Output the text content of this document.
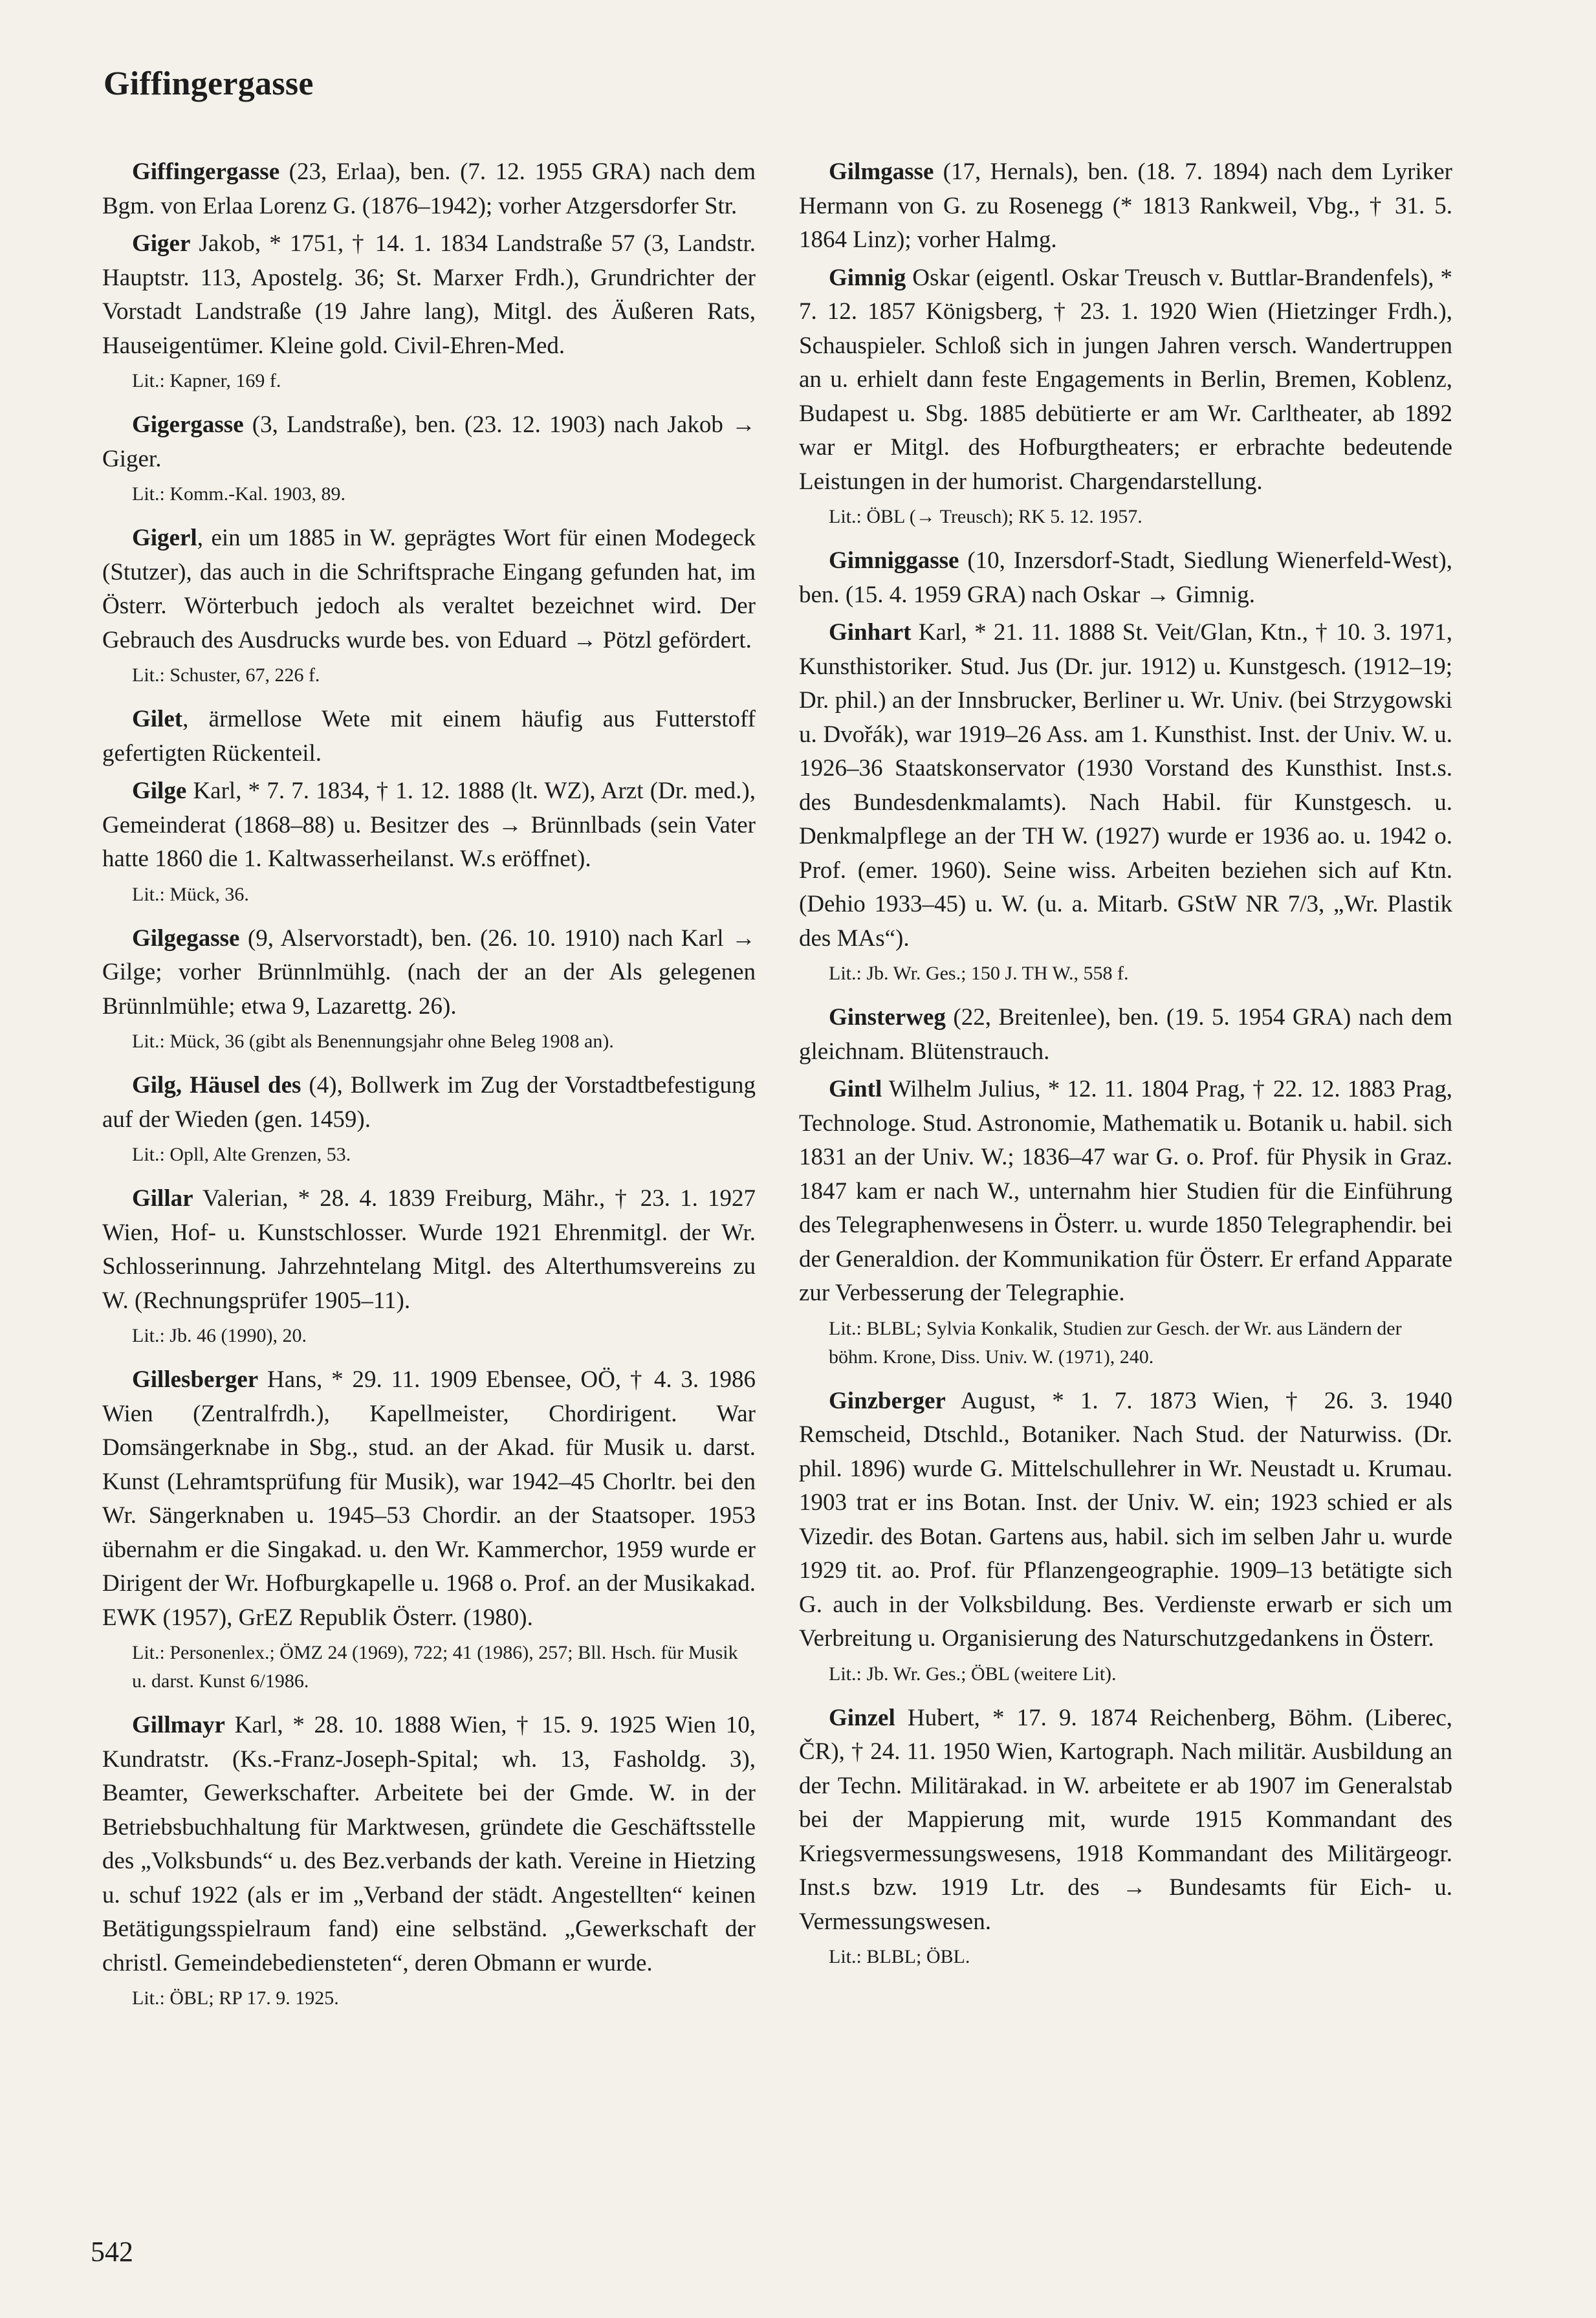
Giffingergasse

Giffingergasse (23, Erlaa), ben. (7. 12. 1955 GRA) nach dem Bgm. von Erlaa Lorenz G. (1876–1942); vorher Atzgersdorfer Str.

Giger Jakob, * 1751, † 14. 1. 1834 Landstraße 57 (3, Landstr. Hauptstr. 113, Apostelg. 36; St. Marxer Frdh.), Grundrichter der Vorstadt Landstraße (19 Jahre lang), Mitgl. des Äußeren Rats, Hauseigentümer. Kleine gold. Civil-Ehren-Med.

Lit.: Kapner, 169 f.

Gigergasse (3, Landstraße), ben. (23. 12. 1903) nach Jakob → Giger.

Lit.: Komm.-Kal. 1903, 89.

Gigerl, ein um 1885 in W. geprägtes Wort für einen Modegeck (Stutzer), das auch in die Schriftsprache Eingang gefunden hat, im Österr. Wörterbuch jedoch als veraltet bezeichnet wird. Der Gebrauch des Ausdrucks wurde bes. von Eduard → Pötzl gefördert.

Lit.: Schuster, 67, 226 f.

Gilet, ärmellose Wete mit einem häufig aus Futterstoff gefertigten Rückenteil.

Gilge Karl, * 7. 7. 1834, † 1. 12. 1888 (lt. WZ), Arzt (Dr. med.), Gemeinderat (1868–88) u. Besitzer des → Brünnlbads (sein Vater hatte 1860 die 1. Kaltwasserheilanst. W.s eröffnet).

Lit.: Mück, 36.

Gilgegasse (9, Alservorstadt), ben. (26. 10. 1910) nach Karl → Gilge; vorher Brünnlmühlg. (nach der an der Als gelegenen Brünnlmühle; etwa 9, Lazarettg. 26).

Lit.: Mück, 36 (gibt als Benennungsjahr ohne Beleg 1908 an).

Gilg, Häusel des (4), Bollwerk im Zug der Vorstadtbefestigung auf der Wieden (gen. 1459).

Lit.: Opll, Alte Grenzen, 53.

Gillar Valerian, * 28. 4. 1839 Freiburg, Mähr., † 23. 1. 1927 Wien, Hof- u. Kunstschlosser. Wurde 1921 Ehrenmitgl. der Wr. Schlosserinnung. Jahrzehntelang Mitgl. des Alterthumsvereins zu W. (Rechnungsprüfer 1905–11).

Lit.: Jb. 46 (1990), 20.

Gillesberger Hans, * 29. 11. 1909 Ebensee, OÖ, † 4. 3. 1986 Wien (Zentralfrdh.), Kapellmeister, Chordirigent. War Domsängerknabe in Sbg., stud. an der Akad. für Musik u. darst. Kunst (Lehramtsprüfung für Musik), war 1942–45 Chorltr. bei den Wr. Sängerknaben u. 1945–53 Chordir. an der Staatsoper. 1953 übernahm er die Singakad. u. den Wr. Kammerchor, 1959 wurde er Dirigent der Wr. Hofburgkapelle u. 1968 o. Prof. an der Musikakad. EWK (1957), GrEZ Republik Österr. (1980).

Lit.: Personenlex.; ÖMZ 24 (1969), 722; 41 (1986), 257; Bll. Hsch. für Musik u. darst. Kunst 6/1986.

Gillmayr Karl, * 28. 10. 1888 Wien, † 15. 9. 1925 Wien 10, Kundratstr. (Ks.-Franz-Joseph-Spital; wh. 13, Fasholdg. 3), Beamter, Gewerkschafter. Arbeitete bei der Gmde. W. in der Betriebsbuchhaltung für Marktwesen, gründete die Geschäftsstelle des „Volksbunds“ u. des Bez.verbands der kath. Vereine in Hietzing u. schuf 1922 (als er im „Verband der städt. Angestellten“ keinen Betätigungsspielraum fand) eine selbständ. „Gewerkschaft der christl. Gemeindebediensteten“, deren Obmann er wurde.

Lit.: ÖBL; RP 17. 9. 1925.

Gilmgasse (17, Hernals), ben. (18. 7. 1894) nach dem Lyriker Hermann von G. zu Rosenegg (* 1813 Rankweil, Vbg., † 31. 5. 1864 Linz); vorher Halmg.

Gimnig Oskar (eigentl. Oskar Treusch v. Buttlar-Brandenfels), * 7. 12. 1857 Königsberg, † 23. 1. 1920 Wien (Hietzinger Frdh.), Schauspieler. Schloß sich in jungen Jahren versch. Wandertruppen an u. erhielt dann feste Engagements in Berlin, Bremen, Koblenz, Budapest u. Sbg. 1885 debütierte er am Wr. Carltheater, ab 1892 war er Mitgl. des Hofburgtheaters; er erbrachte bedeutende Leistungen in der humorist. Chargendarstellung.

Lit.: ÖBL (→ Treusch); RK 5. 12. 1957.

Gimniggasse (10, Inzersdorf-Stadt, Siedlung Wienerfeld-West), ben. (15. 4. 1959 GRA) nach Oskar → Gimnig.

Ginhart Karl, * 21. 11. 1888 St. Veit/Glan, Ktn., † 10. 3. 1971, Kunsthistoriker. Stud. Jus (Dr. jur. 1912) u. Kunstgesch. (1912–19; Dr. phil.) an der Innsbrucker, Berliner u. Wr. Univ. (bei Strzygowski u. Dvořák), war 1919–26 Ass. am 1. Kunsthist. Inst. der Univ. W. u. 1926–36 Staatskonservator (1930 Vorstand des Kunsthist. Inst.s. des Bundesdenkmalamts). Nach Habil. für Kunstgesch. u. Denkmalpflege an der TH W. (1927) wurde er 1936 ao. u. 1942 o. Prof. (emer. 1960). Seine wiss. Arbeiten beziehen sich auf Ktn. (Dehio 1933–45) u. W. (u. a. Mitarb. GStW NR 7/3, „Wr. Plastik des MAs“).

Lit.: Jb. Wr. Ges.; 150 J. TH W., 558 f.

Ginsterweg (22, Breitenlee), ben. (19. 5. 1954 GRA) nach dem gleichnam. Blütenstrauch.

Gintl Wilhelm Julius, * 12. 11. 1804 Prag, † 22. 12. 1883 Prag, Technologe. Stud. Astronomie, Mathematik u. Botanik u. habil. sich 1831 an der Univ. W.; 1836–47 war G. o. Prof. für Physik in Graz. 1847 kam er nach W., unternahm hier Studien für die Einführung des Telegraphenwesens in Österr. u. wurde 1850 Telegraphendir. bei der Generaldion. der Kommunikation für Österr. Er erfand Apparate zur Verbesserung der Telegraphie.

Lit.: BLBL; Sylvia Konkalik, Studien zur Gesch. der Wr. aus Ländern der böhm. Krone, Diss. Univ. W. (1971), 240.

Ginzberger August, * 1. 7. 1873 Wien, † 26. 3. 1940 Remscheid, Dtschld., Botaniker. Nach Stud. der Naturwiss. (Dr. phil. 1896) wurde G. Mittelschullehrer in Wr. Neustadt u. Krumau. 1903 trat er ins Botan. Inst. der Univ. W. ein; 1923 schied er als Vizedir. des Botan. Gartens aus, habil. sich im selben Jahr u. wurde 1929 tit. ao. Prof. für Pflanzengeographie. 1909–13 betätigte sich G. auch in der Volksbildung. Bes. Verdienste erwarb er sich um Verbreitung u. Organisierung des Naturschutzgedankens in Österr.

Lit.: Jb. Wr. Ges.; ÖBL (weitere Lit).

Ginzel Hubert, * 17. 9. 1874 Reichenberg, Böhm. (Liberec, ČR), † 24. 11. 1950 Wien, Kartograph. Nach militär. Ausbildung an der Techn. Militärakad. in W. arbeitete er ab 1907 im Generalstab bei der Mappierung mit, wurde 1915 Kommandant des Kriegsvermessungswesens, 1918 Kommandant des Militärgeogr. Inst.s bzw. 1919 Ltr. des → Bundesamts für Eich- u. Vermessungswesen.

Lit.: BLBL; ÖBL.
542
